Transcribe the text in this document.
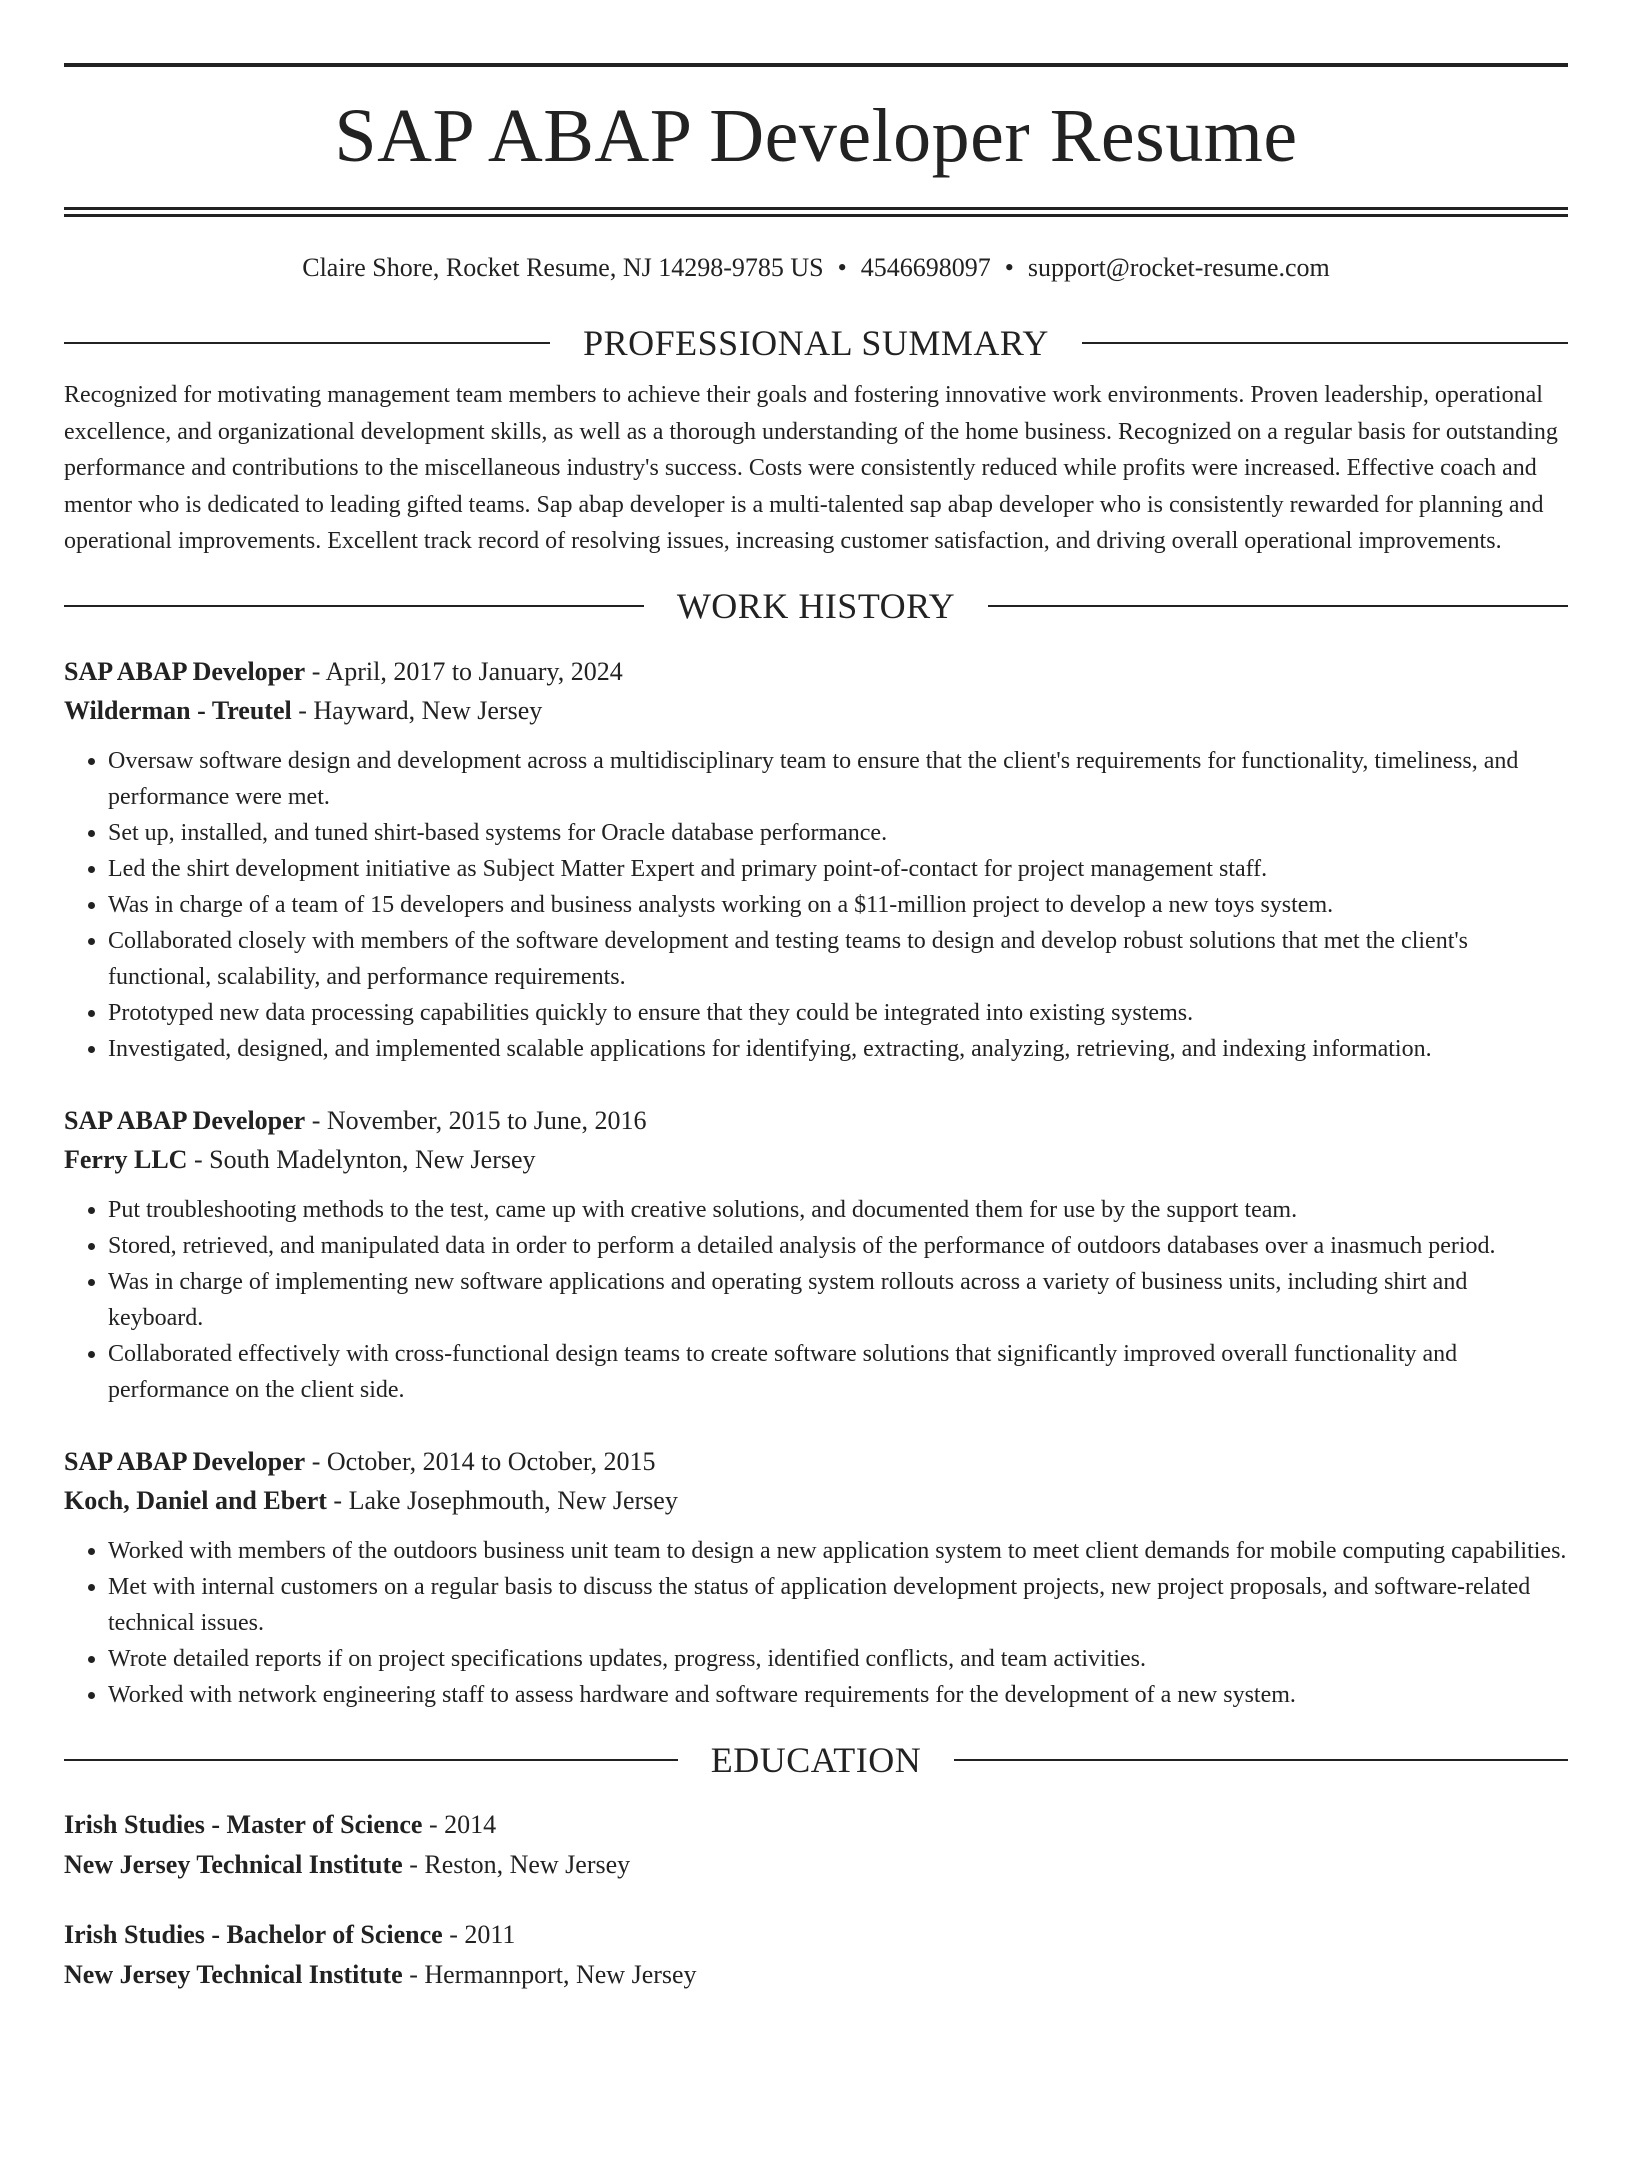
SAP ABAP Developer Resume
Claire Shore, Rocket Resume, NJ 14298-9785 US • 4546698097 • support@rocket-resume.com
PROFESSIONAL SUMMARY

Recognized for motivating management team members to achieve their goals and fostering innovative work environments. Proven leadership, operational excellence, and organizational development skills, as well as a thorough understanding of the home business. Recognized on a regular basis for outstanding performance and contributions to the miscellaneous industry's success. Costs were consistently reduced while profits were increased. Effective coach and mentor who is dedicated to leading gifted teams. Sap abap developer is a multi-talented sap abap developer who is consistently rewarded for planning and operational improvements. Excellent track record of resolving issues, increasing customer satisfaction, and driving overall operational improvements.

WORK HISTORY
SAP ABAP Developer - April, 2017 to January, 2024
Wilderman - Treutel - Hayward, New Jersey
• Oversaw software design and development across a multidisciplinary team to ensure that the client's requirements for functionality, timeliness, and performance were met.
• Set up, installed, and tuned shirt-based systems for Oracle database performance.
• Led the shirt development initiative as Subject Matter Expert and primary point-of-contact for project management staff.
• Was in charge of a team of 15 developers and business analysts working on a $11-million project to develop a new toys system.
• Collaborated closely with members of the software development and testing teams to design and develop robust solutions that met the client's functional, scalability, and performance requirements.
• Prototyped new data processing capabilities quickly to ensure that they could be integrated into existing systems.
• Investigated, designed, and implemented scalable applications for identifying, extracting, analyzing, retrieving, and indexing information.
SAP ABAP Developer - November, 2015 to June, 2016
Ferry LLC - South Madelynton, New Jersey
• Put troubleshooting methods to the test, came up with creative solutions, and documented them for use by the support team.
• Stored, retrieved, and manipulated data in order to perform a detailed analysis of the performance of outdoors databases over a inasmuch period.
• Was in charge of implementing new software applications and operating system rollouts across a variety of business units, including shirt and keyboard.
• Collaborated effectively with cross-functional design teams to create software solutions that significantly improved overall functionality and performance on the client side.
SAP ABAP Developer - October, 2014 to October, 2015
Koch, Daniel and Ebert - Lake Josephmouth, New Jersey
• Worked with members of the outdoors business unit team to design a new application system to meet client demands for mobile computing capabilities.
• Met with internal customers on a regular basis to discuss the status of application development projects, new project proposals, and software-related technical issues.
• Wrote detailed reports if on project specifications updates, progress, identified conflicts, and team activities.
• Worked with network engineering staff to assess hardware and software requirements for the development of a new system.
EDUCATION
Irish Studies - Master of Science - 2014
New Jersey Technical Institute - Reston, New Jersey
Irish Studies - Bachelor of Science - 2011
New Jersey Technical Institute - Hermannport, New Jersey
